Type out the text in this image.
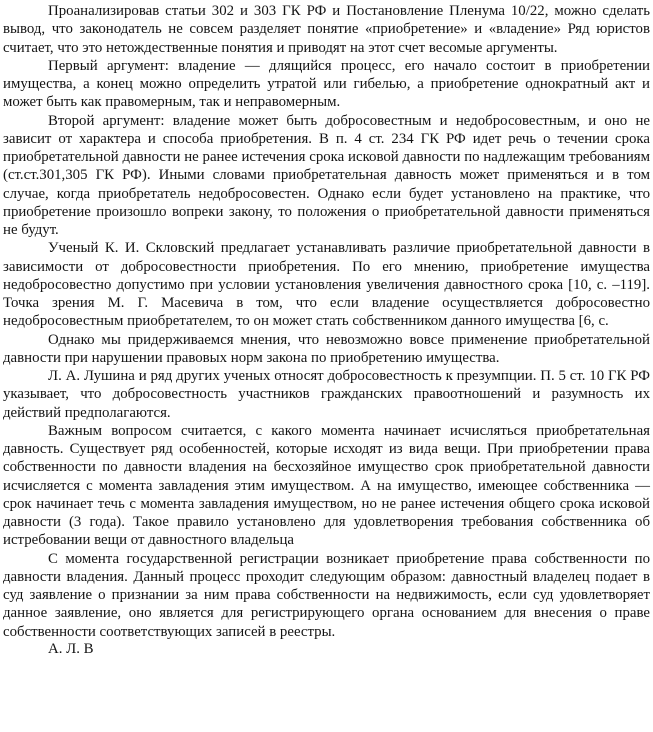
Проанализировав статьи 302 и 303 ГК РФ и Постановление Пленума 10/22, можно сделать вывод, что законодатель не совсем разделяет понятие «приобретение» и «владение» Ряд юристов считает, что это нетождественные понятия и приводят на этот счет весомые аргументы.

Первый аргумент: владение — длящийся процесс, его начало состоит в приобретении имущества, а конец можно определить утратой или гибелью, а приобретение однократный акт и может быть как правомерным, так и неправомерным.

Второй аргумент: владение может быть добросовестным и недобросовестным, и оно не зависит от характера и способа приобретения. В п. 4 ст. 234 ГК РФ идет речь о течении срока приобретательной давности не ранее истечения срока исковой давности по надлежащим требованиям (ст.ст.301,305 ГК РФ). Иными словами приобретательная давность может применяться и в том случае, когда приобретатель недобросовестен. Однако если будет установлено на практике, что приобретение произошло вопреки закону, то положения о приобретательной давности применяться не будут.

Ученый К. И. Скловский предлагает устанавливать различие приобретательной давности в зависимости от добросовестности приобретения. По его мнению, приобретение имущества недобросовестно допустимо при условии установления увеличения давностного срока [10, с. –119]. Точка зрения М. Г. Масевича в том, что если владение осуществляется добросовестно недобросовестным приобретателем, то он может стать собственником данного имущества [6, с.

Однако мы придерживаемся мнения, что невозможно вовсе применение приобретательной давности при нарушении правовых норм закона по приобретению имущества.

Л. А. Лушина и ряд других ученых относят добросовестность к презумпции. П. 5 ст. 10 ГК РФ указывает, что добросовестность участников гражданских правоотношений и разумность их действий предполагаются.

Важным вопросом считается, с какого момента начинает исчисляться приобретательная давность. Существует ряд особенностей, которые исходят из вида вещи. При приобретении права собственности по давности владения на бесхозяйное имущество срок приобретательной давности исчисляется с момента завладения этим имуществом. А на имущество, имеющее собственника — срок начинает течь с момента завладения имуществом, но не ранее истечения общего срока исковой давности (3 года). Такое правило установлено для удовлетворения требования собственника об истребовании вещи от давностного владельца

С момента государственной регистрации возникает приобретение права собственности по давности владения. Данный процесс проходит следующим образом: давностный владелец подает в суд заявление о признании за ним права собственности на недвижимость, если суд удовлетворяет данное заявление, оно является для регистрирующего органа основанием для внесения о праве собственности соответствующих записей в реестры.

А. Л. В
